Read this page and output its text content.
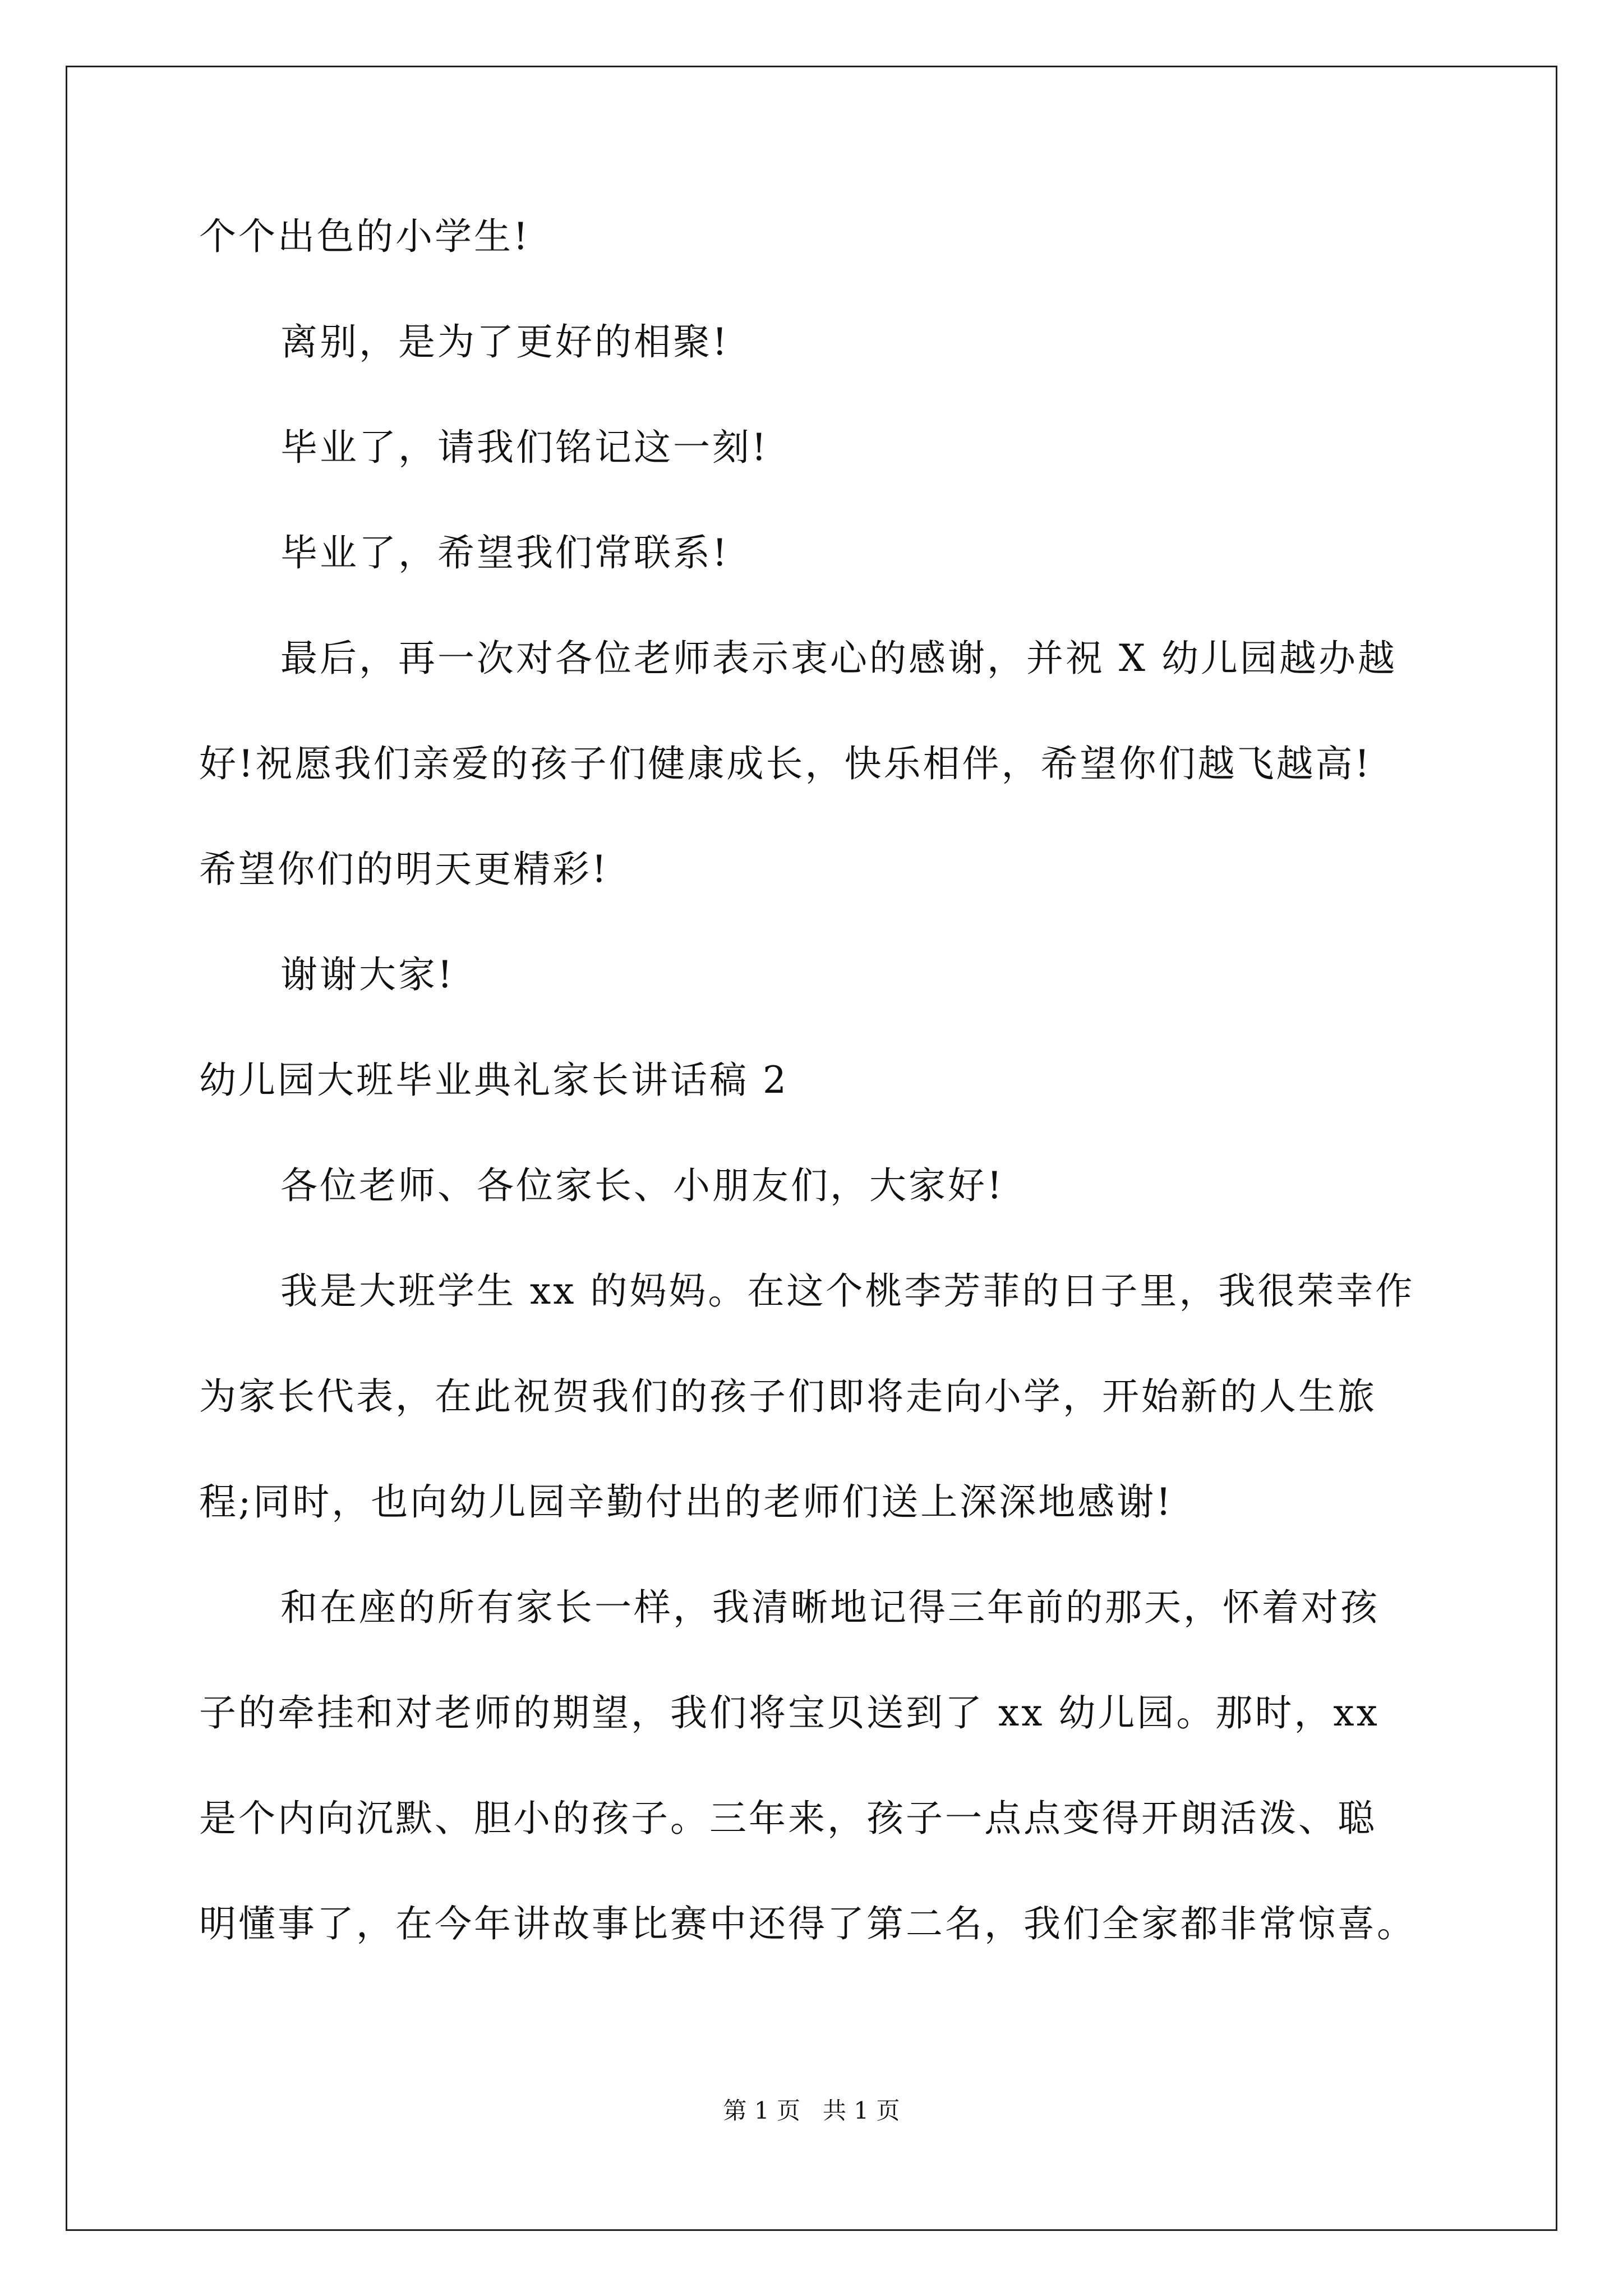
个个出色的小学生!
离别，是为了更好的相聚!
毕业了，请我们铭记这一刻!
毕业了，希望我们常联系!
最后，再一次对各位老师表示衷心的感谢，并祝 X 幼儿园越办越
好!祝愿我们亲爱的孩子们健康成长，快乐相伴，希望你们越飞越高!
希望你们的明天更精彩!
谢谢大家!
幼儿园大班毕业典礼家长讲话稿 2
各位老师、各位家长、小朋友们，大家好!
我是大班学生 xx 的妈妈。在这个桃李芳菲的日子里，我很荣幸作
为家长代表，在此祝贺我们的孩子们即将走向小学，开始新的人生旅
程;同时，也向幼儿园辛勤付出的老师们送上深深地感谢!
和在座的所有家长一样，我清晰地记得三年前的那天，怀着对孩
子的牵挂和对老师的期望，我们将宝贝送到了 xx 幼儿园。那时，xx
是个内向沉默、胆小的孩子。三年来，孩子一点点变得开朗活泼、聪
明懂事了，在今年讲故事比赛中还得了第二名，我们全家都非常惊喜。
第 1 页   共 1 页
